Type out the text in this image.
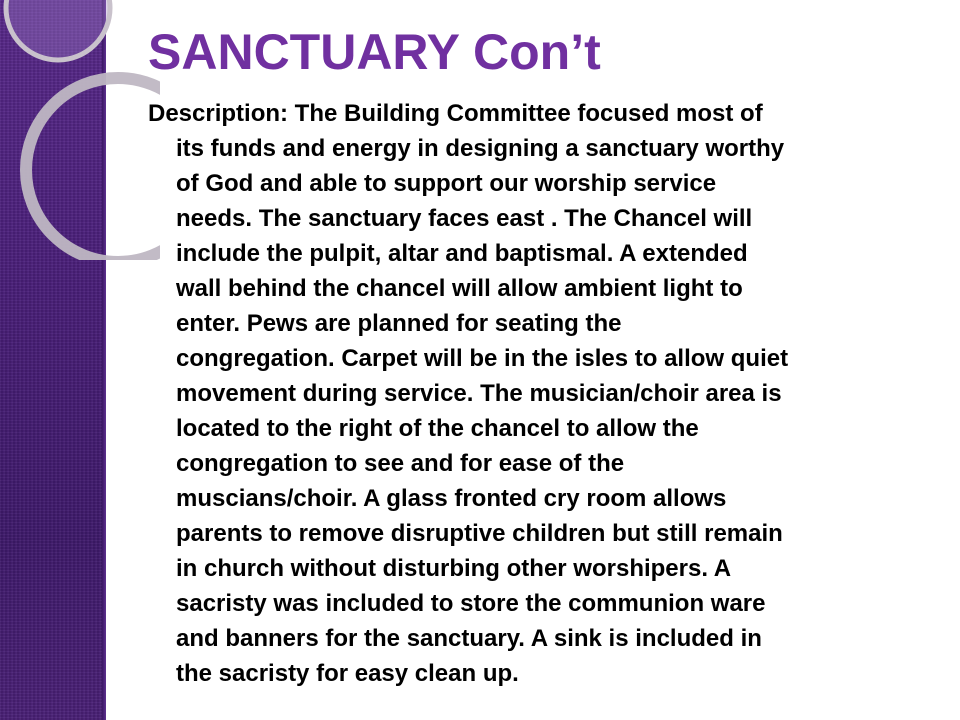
SANCTUARY Con’t
Description: The Building Committee focused most of
its funds and energy in designing a sanctuary worthy
of God and able to support our worship service
needs. The sanctuary faces east . The Chancel will
include the pulpit, altar and baptismal. A extended
wall behind the chancel will allow ambient light to
enter. Pews are planned for seating the
congregation. Carpet will be in the isles to allow quiet
movement during service. The musician/choir area is
located to the right of the chancel to allow the
congregation to see and for ease of the
muscians/choir. A glass fronted cry room allows
parents to remove disruptive children but still remain
in church without disturbing other worshipers. A
sacristy was included to store the communion ware
and banners for the sanctuary. A sink is included in
the sacristy for easy clean up.
